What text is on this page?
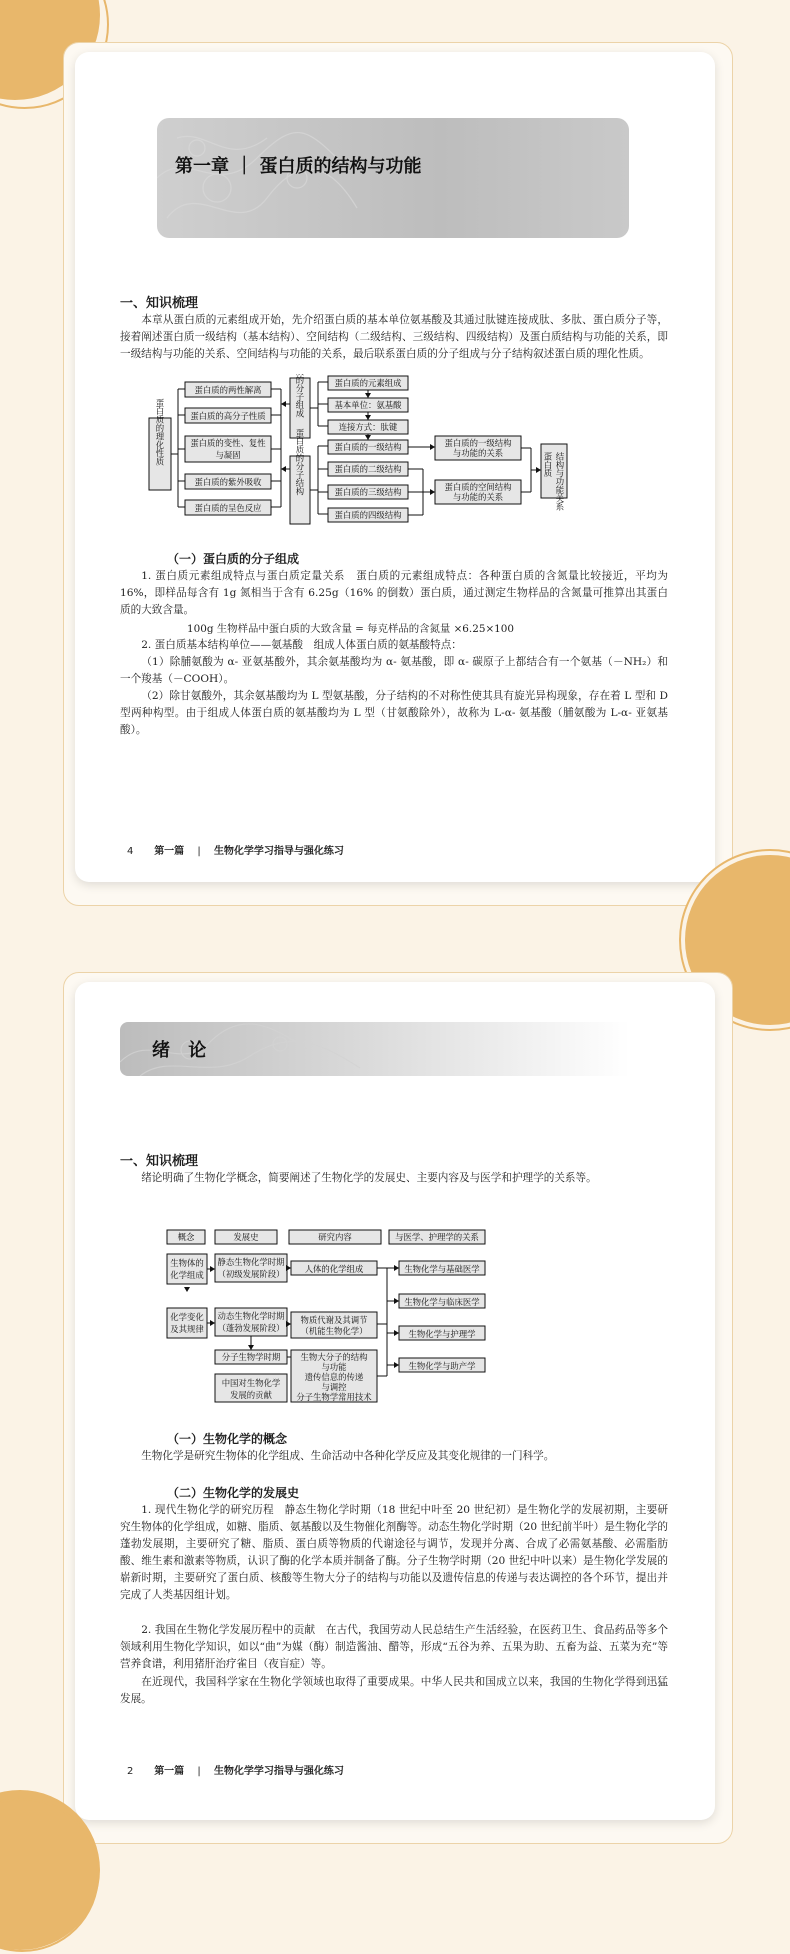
第一章 ｜ 蛋白质的结构与功能
一、知识梳理

本章从蛋白质的元素组成开始，先介绍蛋白质的基本单位氨基酸及其通过肽键连接成肽、多肽、蛋白质分子等，接着阐述蛋白质一级结构（基本结构）、空间结构（二级结构、三级结构、四级结构）及蛋白质结构与功能的关系，即一级结构与功能的关系、空间结构与功能的关系，最后联系蛋白质的分子组成与分子结构叙述蛋白质的理化性质。

蛋白质的理化性质
蛋白质的两性解离
蛋白质的高分子性质
蛋白质的变性、复性
与凝固
蛋白质的紫外吸收
蛋白质的呈色反应
蛋白质的分子组成
蛋白质的分子结构
蛋白质的元素组成
基本单位：氨基酸
连接方式：肽键
蛋白质的一级结构
蛋白质的二级结构
蛋白质的三级结构
蛋白质的四级结构
蛋白质的一级结构
与功能的关系
蛋白质的空间结构
与功能的关系
蛋白质 结构与功能关系
（一）蛋白质的分子组成

1. 蛋白质元素组成特点与蛋白质定量关系　蛋白质的元素组成特点：各种蛋白质的含氮量比较接近，平均为 16%，即样品每含有 1g 氮相当于含有 6.25g（16% 的倒数）蛋白质，通过测定生物样品的含氮量可推算出其蛋白质的大致含量。

100g 生物样品中蛋白质的大致含量 = 每克样品的含氮量 ×6.25×100

2. 蛋白质基本结构单位——氨基酸　组成人体蛋白质的氨基酸特点：

（1）除脯氨酸为 α- 亚氨基酸外，其余氨基酸均为 α- 氨基酸，即 α- 碳原子上都结合有一个氨基（－NH₂）和一个羧基（－COOH）。

（2）除甘氨酸外，其余氨基酸均为 L 型氨基酸，分子结构的不对称性使其具有旋光异构现象，存在着 L 型和 D 型两种构型。由于组成人体蛋白质的氨基酸均为 L 型（甘氨酸除外），故称为 L-α- 氨基酸（脯氨酸为 L-α- 亚氨基酸）。

4 第一篇 | 生物化学学习指导与强化练习
绪 论
一、知识梳理

绪论明确了生物化学概念，简要阐述了生物化学的发展史、主要内容及与医学和护理学的关系等。

概念	发展史	研究内容	与医学、护理学的关系
生物体的
化学组成
化学变化
及其规律
静态生物化学时期
（初级发展阶段）
动态生物化学时期
（蓬勃发展阶段）
分子生物学时期
中国对生物化学
发展的贡献
人体的化学组成
物质代谢及其调节
（机能生物化学）
生物大分子的结构
与功能
遗传信息的传递
与调控
分子生物学常用技术
生物化学与基础医学
生物化学与临床医学
生物化学与护理学
生物化学与助产学
（一）生物化学的概念

生物化学是研究生物体的化学组成、生命活动中各种化学反应及其变化规律的一门科学。

（二）生物化学的发展史

1. 现代生物化学的研究历程　静态生物化学时期（18 世纪中叶至 20 世纪初）是生物化学的发展初期，主要研究生物体的化学组成，如糖、脂质、氨基酸以及生物催化剂酶等。动态生物化学时期（20 世纪前半叶）是生物化学的蓬勃发展期，主要研究了糖、脂质、蛋白质等物质的代谢途径与调节，发现并分离、合成了必需氨基酸、必需脂肪酸、维生素和激素等物质，认识了酶的化学本质并制备了酶。分子生物学时期（20 世纪中叶以来）是生物化学发展的崭新时期，主要研究了蛋白质、核酸等生物大分子的结构与功能以及遗传信息的传递与表达调控的各个环节，提出并完成了人类基因组计划。

2. 我国在生物化学发展历程中的贡献　在古代，我国劳动人民总结生产生活经验，在医药卫生、食品药品等多个领域利用生物化学知识，如以“曲”为媒（酶）制造酱油、醋等，形成“五谷为养、五果为助、五畜为益、五菜为充”等营养食谱，利用猪肝治疗雀目（夜盲症）等。

在近现代，我国科学家在生物化学领域也取得了重要成果。中华人民共和国成立以来，我国的生物化学得到迅猛发展。

2 第一篇 | 生物化学学习指导与强化练习
